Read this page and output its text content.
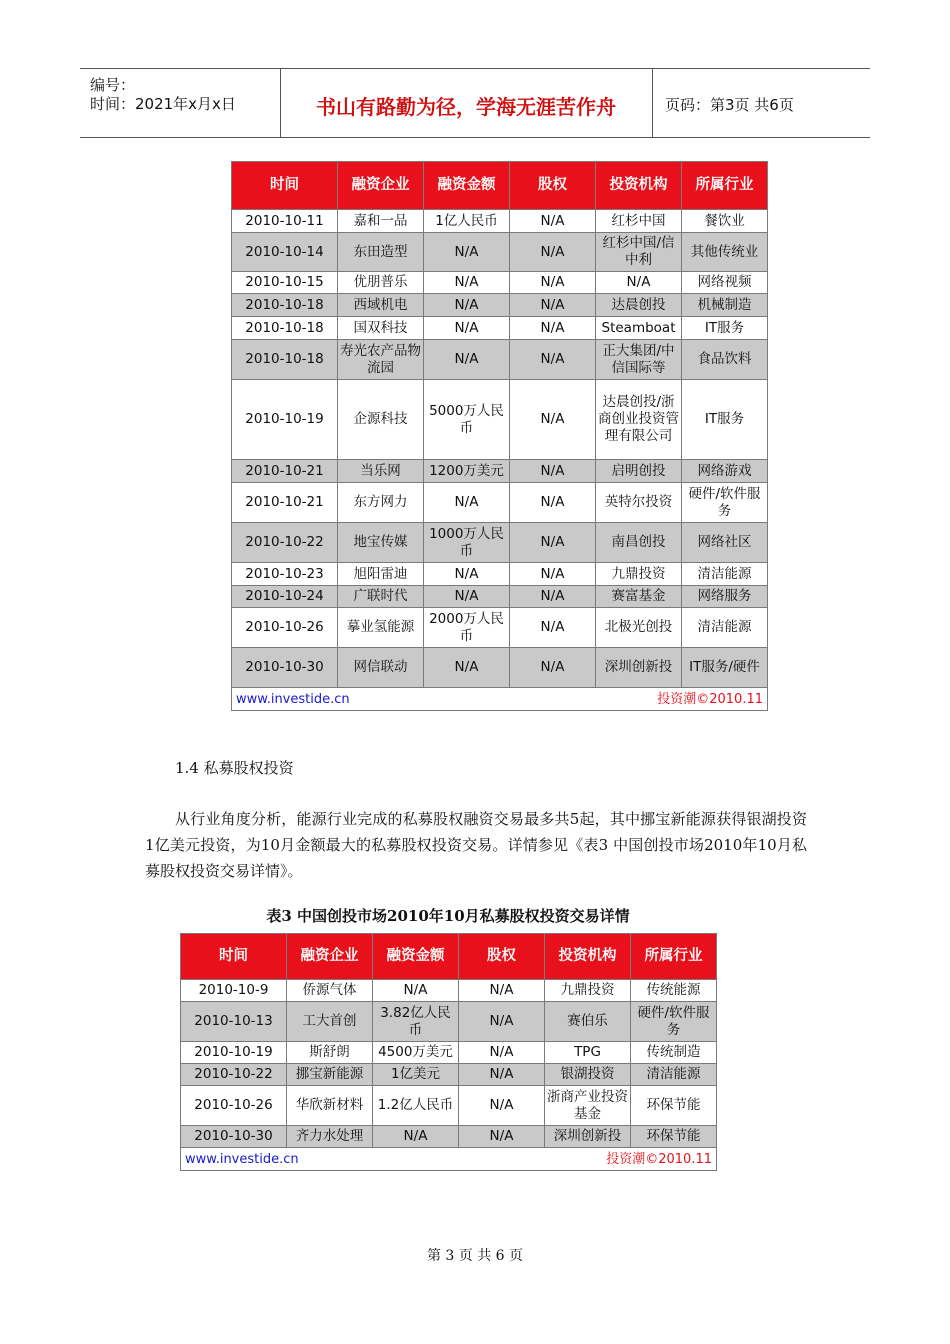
编号：
时间：2021年x月x日	书山有路勤为径，学海无涯苦作舟	页码：第3页 共6页
时间	融资企业	融资金额	股权	投资机构	所属行业
2010-10-11	嘉和一品	1亿人民币	N/A	红杉中国	餐饮业
2010-10-14	东田造型	N/A	N/A	红杉中国/信中利	其他传统业
2010-10-15	优朋普乐	N/A	N/A	N/A	网络视频
2010-10-18	西域机电	N/A	N/A	达晨创投	机械制造
2010-10-18	国双科技	N/A	N/A	Steamboat	IT服务
2010-10-18	寿光农产品物流园	N/A	N/A	正大集团/中信国际等	食品饮料
2010-10-19	企源科技	5000万人民币	N/A	达晨创投/浙商创业投资管理有限公司	IT服务
2010-10-21	当乐网	1200万美元	N/A	启明创投	网络游戏
2010-10-21	东方网力	N/A	N/A	英特尔投资	硬件/软件服务
2010-10-22	地宝传媒	1000万人民币	N/A	南昌创投	网络社区
2010-10-23	旭阳雷迪	N/A	N/A	九鼎投资	清洁能源
2010-10-24	广联时代	N/A	N/A	赛富基金	网络服务
2010-10-26	摹业氢能源	2000万人民币	N/A	北极光创投	清洁能源
2010-10-30	网信联动	N/A	N/A	深圳创新投	IT服务/硬件

www.investide.cn 投资潮©2010.11					
1.4 私募股权投资
从行业角度分析，能源行业完成的私募股权融资交易最多共5起，其中挪宝新能源获得银湖投资1亿美元投资，为10月金额最大的私募股权投资交易。详情参见《表3 中国创投市场2010年10月私募股权投资交易详情》。
表3 中国创投市场2010年10月私募股权投资交易详情
时间	融资企业	融资金额	股权	投资机构	所属行业
2010-10-9	侨源气体	N/A	N/A	九鼎投资	传统能源
2010-10-13	工大首创	3.82亿人民币	N/A	赛伯乐	硬件/软件服务
2010-10-19	斯舒朗	4500万美元	N/A	TPG	传统制造
2010-10-22	挪宝新能源	1亿美元	N/A	银湖投资	清洁能源
2010-10-26	华欣新材料	1.2亿人民币	N/A	浙商产业投资基金	环保节能
2010-10-30	齐力水处理	N/A	N/A	深圳创新投	环保节能

www.investide.cn 投资潮©2010.11					
第 3 页 共 6 页
